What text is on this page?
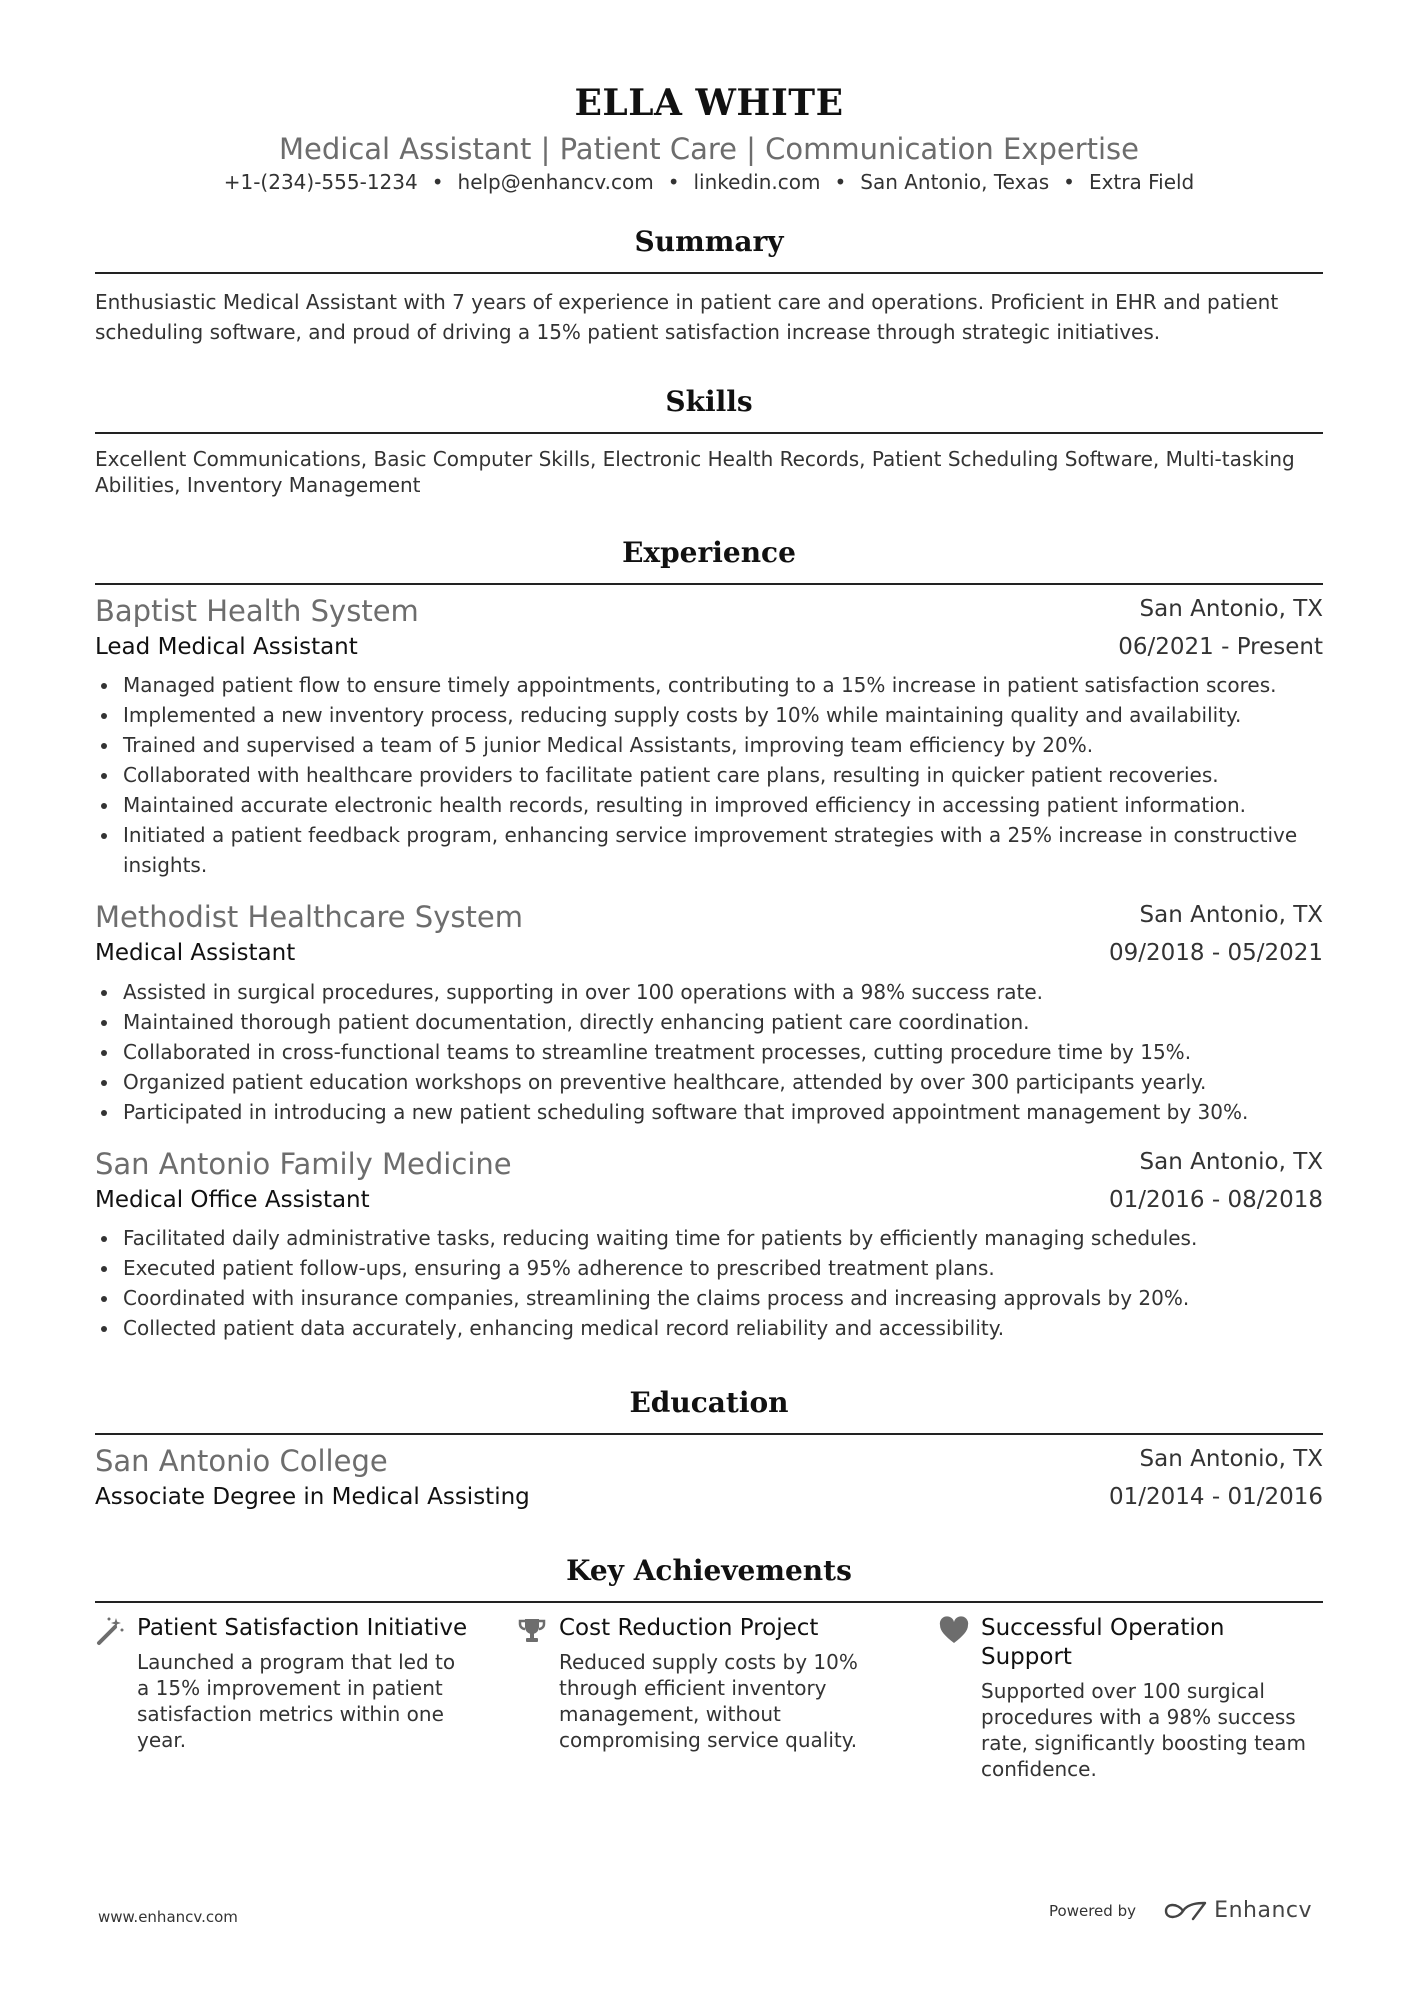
ELLA WHITE
Medical Assistant | Patient Care | Communication Expertise
+1-(234)-555-1234 • help@enhancv.com • linkedin.com • San Antonio, Texas • Extra Field
Summary
Enthusiastic Medical Assistant with 7 years of experience in patient care and operations. Proficient in EHR and patient scheduling software, and proud of driving a 15% patient satisfaction increase through strategic initiatives.
Skills
Excellent Communications, Basic Computer Skills, Electronic Health Records, Patient Scheduling Software, Multi-tasking Abilities, Inventory Management
Experience
Baptist Health System	San Antonio, TX
Lead Medical Assistant	06/2021 - Present
Managed patient flow to ensure timely appointments, contributing to a 15% increase in patient satisfaction scores.
Implemented a new inventory process, reducing supply costs by 10% while maintaining quality and availability.
Trained and supervised a team of 5 junior Medical Assistants, improving team efficiency by 20%.
Collaborated with healthcare providers to facilitate patient care plans, resulting in quicker patient recoveries.
Maintained accurate electronic health records, resulting in improved efficiency in accessing patient information.
Initiated a patient feedback program, enhancing service improvement strategies with a 25% increase in constructive insights.
Methodist Healthcare System	San Antonio, TX
Medical Assistant	09/2018 - 05/2021
Assisted in surgical procedures, supporting in over 100 operations with a 98% success rate.
Maintained thorough patient documentation, directly enhancing patient care coordination.
Collaborated in cross-functional teams to streamline treatment processes, cutting procedure time by 15%.
Organized patient education workshops on preventive healthcare, attended by over 300 participants yearly.
Participated in introducing a new patient scheduling software that improved appointment management by 30%.
San Antonio Family Medicine	San Antonio, TX
Medical Office Assistant	01/2016 - 08/2018
Facilitated daily administrative tasks, reducing waiting time for patients by efficiently managing schedules.
Executed patient follow-ups, ensuring a 95% adherence to prescribed treatment plans.
Coordinated with insurance companies, streamlining the claims process and increasing approvals by 20%.
Collected patient data accurately, enhancing medical record reliability and accessibility.
Education
San Antonio College	San Antonio, TX
Associate Degree in Medical Assisting	01/2014 - 01/2016
Key Achievements
Patient Satisfaction Initiative
Launched a program that led to a 15% improvement in patient satisfaction metrics within one year.
Cost Reduction Project
Reduced supply costs by 10% through efficient inventory management, without compromising service quality.
Successful Operation Support
Supported over 100 surgical procedures with a 98% success rate, significantly boosting team confidence.
www.enhancv.com	Powered by	Enhancv
